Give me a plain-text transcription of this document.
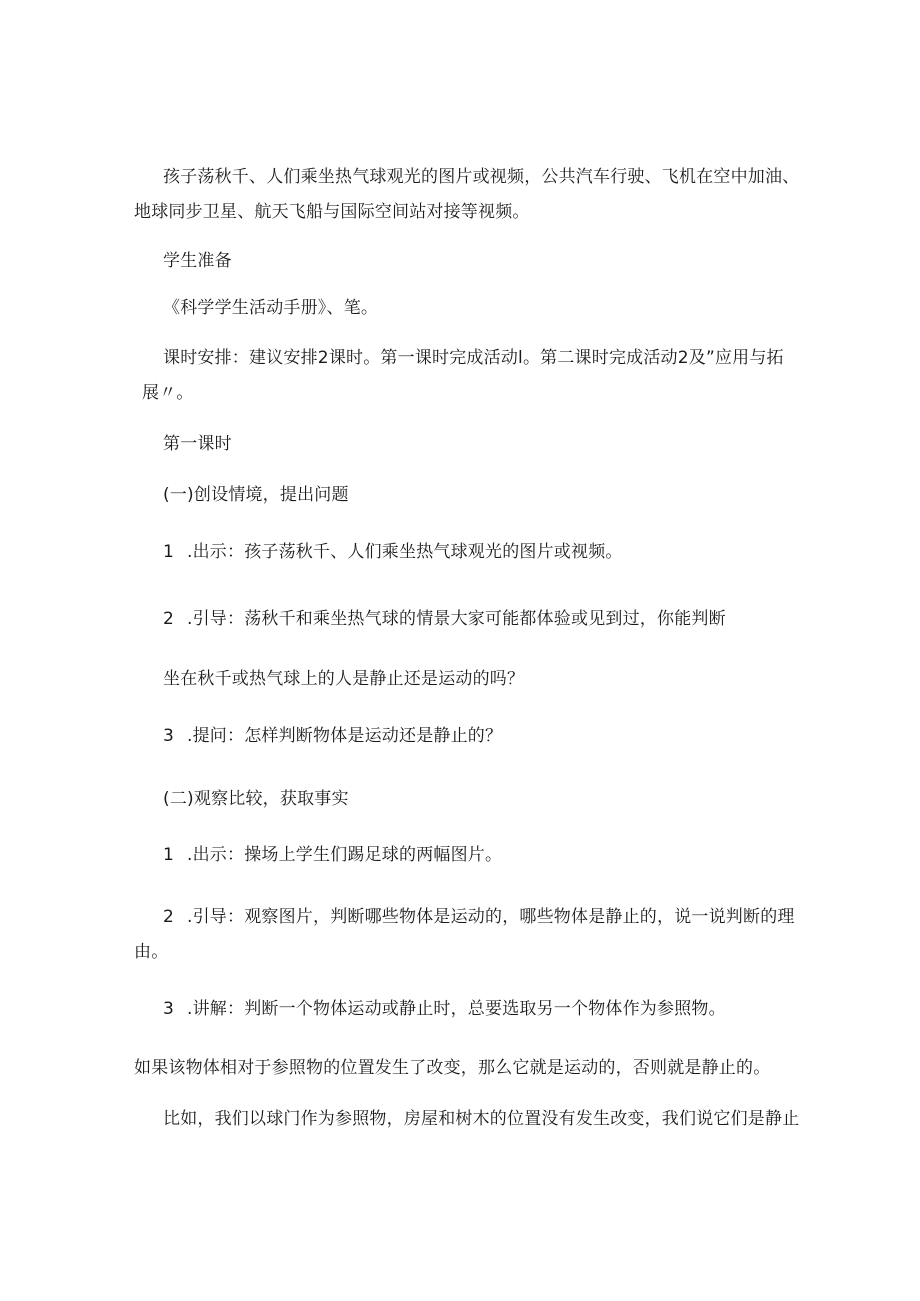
孩子荡秋千、人们乘坐热气球观光的图片或视频，公共汽车行驶、飞机在空中加油、
地球同步卫星、航天飞船与国际空间站对接等视频。
学生准备
《科学学生活动手册》、笔。
课时安排：建议安排2课时。第一课时完成活动l。第二课时完成活动2及”应用与拓
展〃。
第一课时
(一)创设情境，提出问题
1 .出示：孩子荡秋千、人们乘坐热气球观光的图片或视频。
2 .引导：荡秋千和乘坐热气球的情景大家可能都体验或见到过，你能判断
坐在秋千或热气球上的人是静止还是运动的吗？
3 .提问：怎样判断物体是运动还是静止的？
(二)观察比较，获取事实
1 .出示：操场上学生们踢足球的两幅图片。
2 .引导：观察图片，判断哪些物体是运动的，哪些物体是静止的，说一说判断的理
由。
3 .讲解：判断一个物体运动或静止时，总要选取另一个物体作为参照物。
如果该物体相对于参照物的位置发生了改变，那么它就是运动的，否则就是静止的。
比如，我们以球门作为参照物，房屋和树木的位置没有发生改变，我们说它们是静止
